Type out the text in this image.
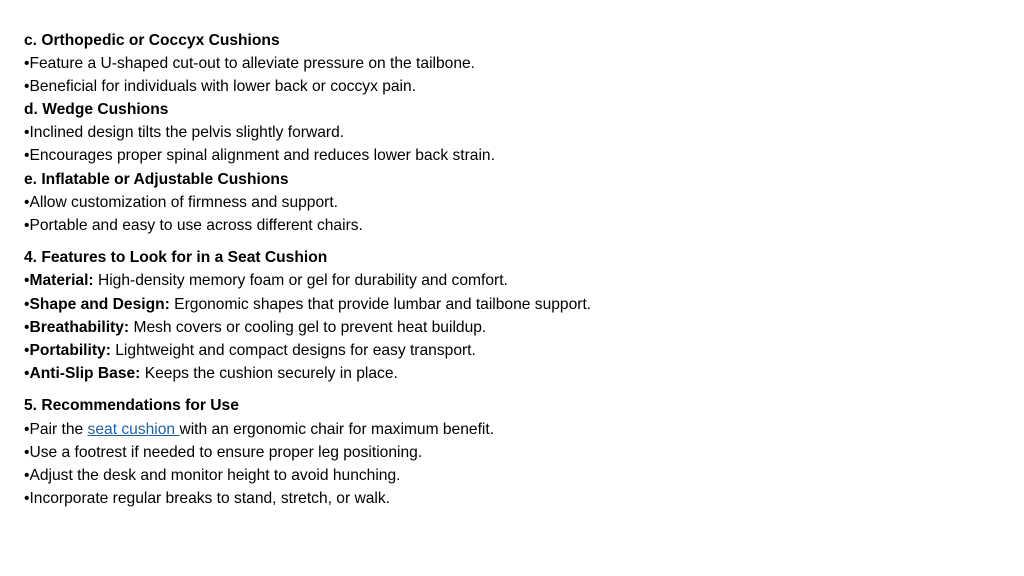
c. Orthopedic or Coccyx Cushions
•Feature a U-shaped cut-out to alleviate pressure on the tailbone.
•Beneficial for individuals with lower back or coccyx pain.
d. Wedge Cushions
•Inclined design tilts the pelvis slightly forward.
•Encourages proper spinal alignment and reduces lower back strain.
e. Inflatable or Adjustable Cushions
•Allow customization of firmness and support.
•Portable and easy to use across different chairs.
4. Features to Look for in a Seat Cushion
•Material: High-density memory foam or gel for durability and comfort.
•Shape and Design: Ergonomic shapes that provide lumbar and tailbone support.
•Breathability: Mesh covers or cooling gel to prevent heat buildup.
•Portability: Lightweight and compact designs for easy transport.
•Anti-Slip Base: Keeps the cushion securely in place.
5. Recommendations for Use
•Pair the seat cushion with an ergonomic chair for maximum benefit.
•Use a footrest if needed to ensure proper leg positioning.
•Adjust the desk and monitor height to avoid hunching.
•Incorporate regular breaks to stand, stretch, or walk.
